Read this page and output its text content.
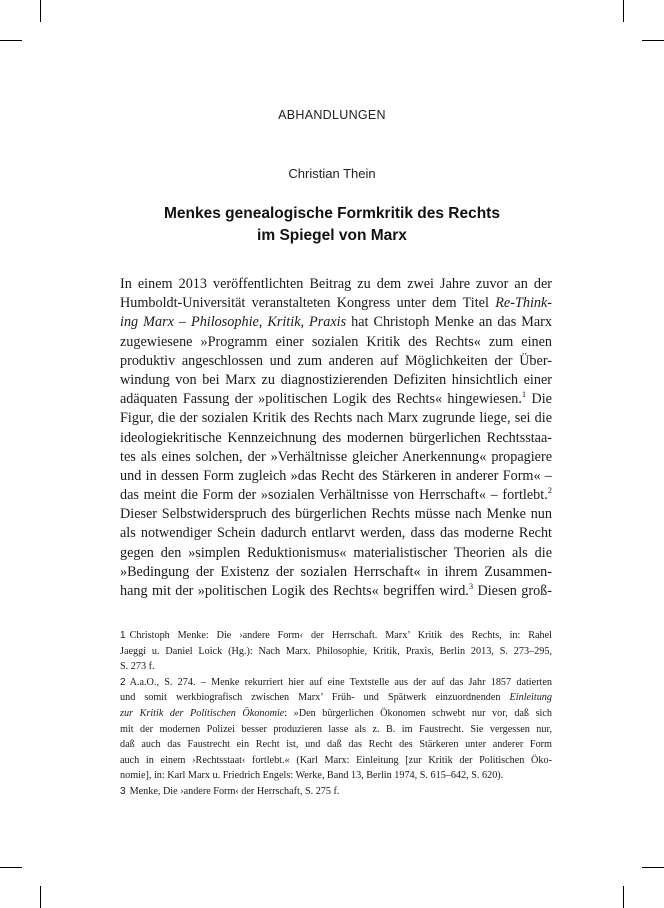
ABHANDLUNGEN
Christian Thein
Menkes genealogische Formkritik des Rechts
im Spiegel von Marx
In einem 2013 veröffentlichten Beitrag zu dem zwei Jahre zuvor an der
Humboldt-Universität veranstalteten Kongress unter dem Titel Re-Think-
ing Marx – Philosophie, Kritik, Praxis hat Christoph Menke an das Marx
zugewiesene »Programm einer sozialen Kritik des Rechts« zum einen
produktiv angeschlossen und zum anderen auf Möglichkeiten der Über-
windung von bei Marx zu diagnostizierenden Defiziten hinsichtlich einer
adäquaten Fassung der »politischen Logik des Rechts« hingewiesen.$^1$ Die
Figur, die der sozialen Kritik des Rechts nach Marx zugrunde liege, sei die
ideologiekritische Kennzeichnung des modernen bürgerlichen Rechtsstaa-
tes als eines solchen, der »Verhältnisse gleicher Anerkennung« propagiere
und in dessen Form zugleich »das Recht des Stärkeren in anderer Form« –
das meint die Form der »sozialen Verhältnisse von Herrschaft« – fortlebt.$^2$
Dieser Selbstwiderspruch des bürgerlichen Rechts müsse nach Menke nun
als notwendiger Schein dadurch entlarvt werden, dass das moderne Recht
gegen den »simplen Reduktionismus« materialistischer Theorien als die
»Bedingung der Existenz der sozialen Herrschaft« in ihrem Zusammen-
hang mit der »politischen Logik des Rechts« begriffen wird.$^3$ Diesen groß-
1 Christoph Menke: Die ›andere Form‹ der Herrschaft. Marx’ Kritik des Rechts, in: Rahel
Jaeggi u. Daniel Loick (Hg.): Nach Marx. Philosophie, Kritik, Praxis, Berlin 2013, S. 273–295,
S. 273 f.
2 A.a.O., S. 274. – Menke rekurriert hier auf eine Textstelle aus der auf das Jahr 1857 datierten
und somit werkbiografisch zwischen Marx’ Früh- und Spätwerk einzuordnenden Einleitung
zur Kritik der Politischen Ökonomie: »Den bürgerlichen Ökonomen schwebt nur vor, daß sich
mit der modernen Polizei besser produzieren lasse als z. B. im Faustrecht. Sie vergessen nur,
daß auch das Faustrecht ein Recht ist, und daß das Recht des Stärkeren unter anderer Form
auch in einem ›Rechtsstaat‹ fortlebt.« (Karl Marx: Einleitung [zur Kritik der Politischen Öko-
nomie], in: Karl Marx u. Friedrich Engels: Werke, Band 13, Berlin 1974, S. 615–642, S. 620).
3 Menke, Die ›andere Form‹ der Herrschaft, S. 275 f.
